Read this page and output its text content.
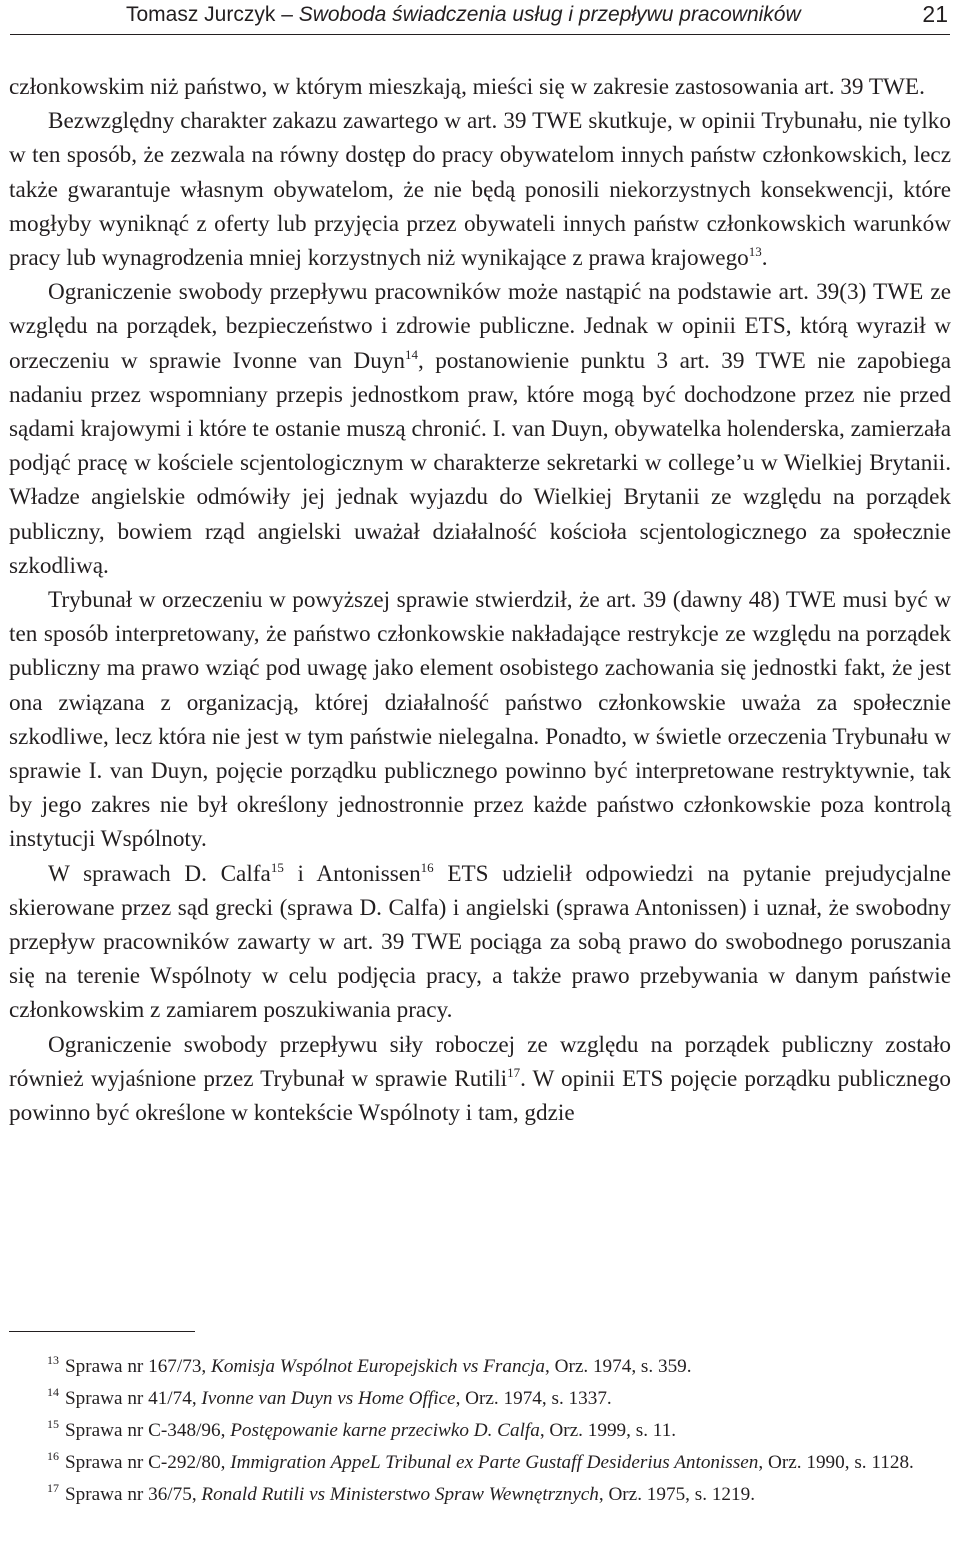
Tomasz Jurczyk – Swoboda świadczenia usług i przepływu pracowników	21

członkowskim niż państwo, w którym mieszkają, mieści się w zakresie zastosowania art. 39 TWE.

Bezwzględny charakter zakazu zawartego w art. 39 TWE skutkuje, w opinii Trybunału, nie tylko w ten sposób, że zezwala na równy dostęp do pracy obywatelom innych państw członkowskich, lecz także gwarantuje własnym obywatelom, że nie będą ponosili niekorzystnych konsekwencji, które mogłyby wyniknąć z oferty lub przyjęcia przez obywateli innych państw członkowskich warunków pracy lub wynagrodzenia mniej korzystnych niż wynikające z prawa krajowego$^{13}$.

Ograniczenie swobody przepływu pracowników może nastąpić na podstawie art. 39(3) TWE ze względu na porządek, bezpieczeństwo i zdrowie publiczne. Jednak w opinii ETS, którą wyraził w orzeczeniu w sprawie Ivonne van Duyn$^{14}$, postanowienie punktu 3 art. 39 TWE nie zapobiega nadaniu przez wspomniany przepis jednostkom praw, które mogą być dochodzone przez nie przed sądami krajowymi i które te ostanie muszą chronić. I. van Duyn, obywatelka holenderska, zamierzała podjąć pracę w kościele scjentologicznym w charakterze sekretarki w college’u w Wielkiej Brytanii. Władze angielskie odmówiły jej jednak wyjazdu do Wielkiej Brytanii ze względu na porządek publiczny, bowiem rząd angielski uważał działalność kościoła scjentologicznego za społecznie szkodliwą.

Trybunał w orzeczeniu w powyższej sprawie stwierdził, że art. 39 (dawny 48) TWE musi być w ten sposób interpretowany, że państwo członkowskie nakładające restrykcje ze względu na porządek publiczny ma prawo wziąć pod uwagę jako element osobistego zachowania się jednostki fakt, że jest ona związana z organizacją, której działalność państwo członkowskie uważa za społecznie szkodliwe, lecz która nie jest w tym państwie nielegalna. Ponadto, w świetle orzeczenia Trybunału w sprawie I. van Duyn, pojęcie porządku publicznego powinno być interpretowane restryktywnie, tak by jego zakres nie był określony jednostronnie przez każde państwo członkowskie poza kontrolą instytucji Wspólnoty.

W sprawach D. Calfa$^{15}$ i Antonissen$^{16}$ ETS udzielił odpowiedzi na pytanie prejudycjalne skierowane przez sąd grecki (sprawa D. Calfa) i angielski (sprawa Antonissen) i uznał, że swobodny przepływ pracowników zawarty w art. 39 TWE pociąga za sobą prawo do swobodnego poruszania się na terenie Wspólnoty w celu podjęcia pracy, a także prawo przebywania w danym państwie członkowskim z zamiarem poszukiwania pracy.

Ograniczenie swobody przepływu siły roboczej ze względu na porządek publiczny zostało również wyjaśnione przez Trybunał w sprawie Rutili$^{17}$. W opinii ETS pojęcie porządku publicznego powinno być określone w kontekście Wspólnoty i tam, gdzie

$^{13}$ Sprawa nr 167/73, Komisja Wspólnot Europejskich vs Francja, Orz. 1974, s. 359.

$^{14}$ Sprawa nr 41/74, Ivonne van Duyn vs Home Office, Orz. 1974, s. 1337.

$^{15}$ Sprawa nr C-348/96, Postępowanie karne przeciwko D. Calfa, Orz. 1999, s. 11.

$^{16}$ Sprawa nr C-292/80, Immigration AppeL Tribunal ex Parte Gustaff Desiderius Antonissen, Orz. 1990, s. 1128.

$^{17}$ Sprawa nr 36/75, Ronald Rutili vs Ministerstwo Spraw Wewnętrznych, Orz. 1975, s. 1219.
